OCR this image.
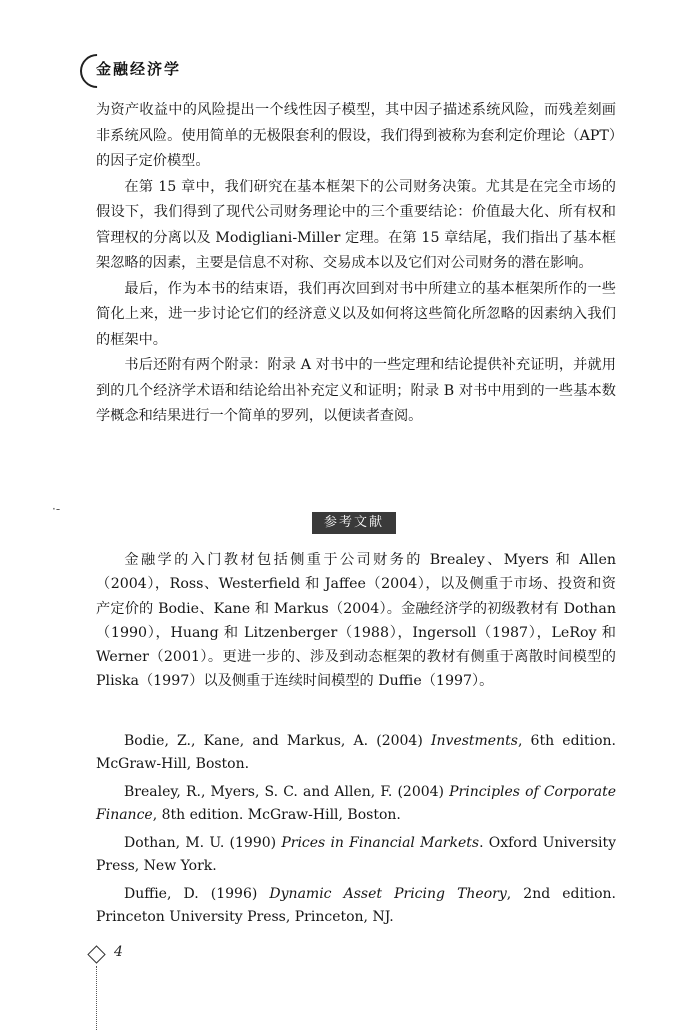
金融经济学

为资产收益中的风险提出一个线性因子模型，其中因子描述系统风险，而残差刻画非系统风险。使用简单的无极限套利的假设，我们得到被称为套利定价理论（APT）的因子定价模型。

在第 15 章中，我们研究在基本框架下的公司财务决策。尤其是在完全市场的假设下，我们得到了现代公司财务理论中的三个重要结论：价值最大化、所有权和管理权的分离以及 Modigliani-Miller 定理。在第 15 章结尾，我们指出了基本框架忽略的因素，主要是信息不对称、交易成本以及它们对公司财务的潜在影响。

最后，作为本书的结束语，我们再次回到对书中所建立的基本框架所作的一些简化上来，进一步讨论它们的经济意义以及如何将这些简化所忽略的因素纳入我们的框架中。

书后还附有两个附录：附录 A 对书中的一些定理和结论提供补充证明，并就用到的几个经济学术语和结论给出补充定义和证明；附录 B 对书中用到的一些基本数学概念和结果进行一个简单的罗列，以便读者查阅。

·-
参考文献

金融学的入门教材包括侧重于公司财务的 Brealey、Myers 和 Allen（2004），Ross、Westerfield 和 Jaffee（2004），以及侧重于市场、投资和资产定价的 Bodie、Kane 和 Markus（2004）。金融经济学的初级教材有 Dothan（1990），Huang 和 Litzenberger（1988），Ingersoll（1987），LeRoy 和 Werner（2001）。更进一步的、涉及到动态框架的教材有侧重于离散时间模型的 Pliska（1997）以及侧重于连续时间模型的 Duffie（1997）。

Bodie, Z., Kane, and Markus, A. (2004) Investments, 6th edition. McGraw-Hill, Boston.

Brealey, R., Myers, S. C. and Allen, F. (2004) Principles of Corporate Finance, 8th edition. McGraw-Hill, Boston.

Dothan, M. U. (1990) Prices in Financial Markets. Oxford University Press, New York.

Duffie, D. (1996) Dynamic Asset Pricing Theory, 2nd edition. Princeton University Press, Princeton, NJ.

4
